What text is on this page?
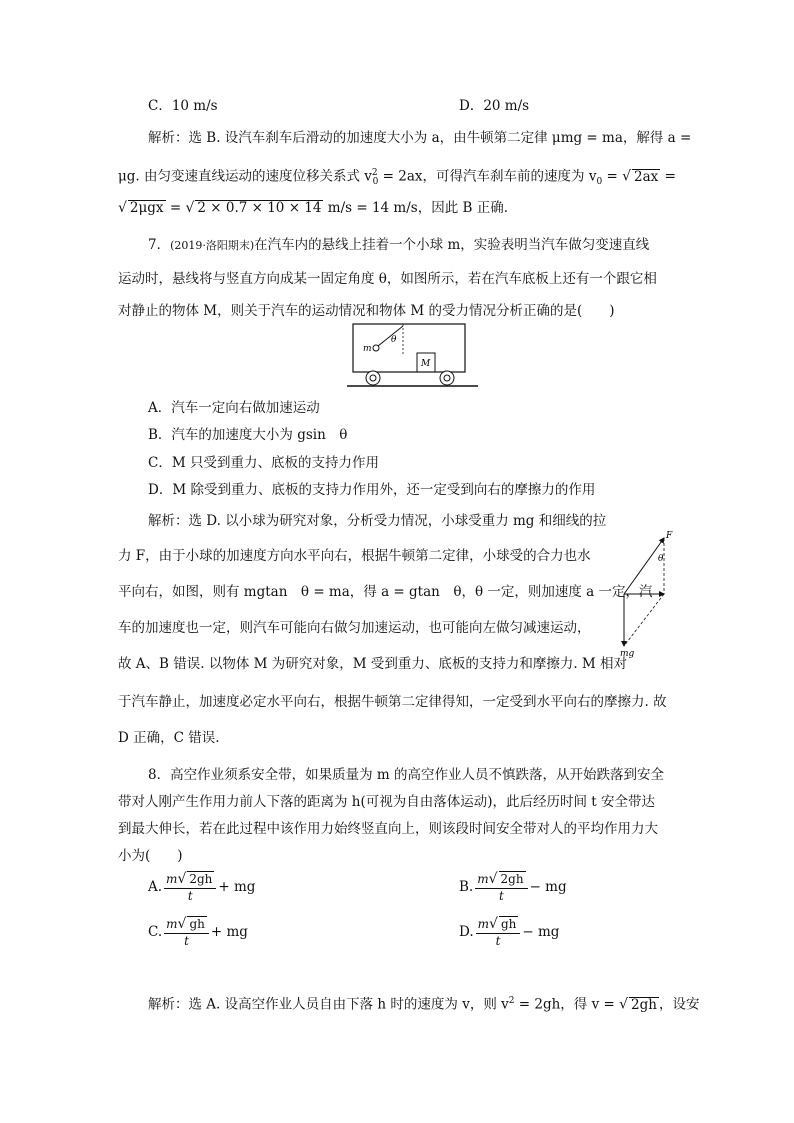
C．10 m/s	D．20 m/s
解析：选 B. 设汽车刹车后滑动的加速度大小为 a，由牛顿第二定律 μmg = ma，解得 a =
μg. 由匀变速直线运动的速度位移关系式 $v^2_0 = 2ax$，可得汽车刹车前的速度为 $v_0$ = √ 2ax =
√ 2μgx = √ 2 × 0.7 × 10 × 14 m/s = 14 m/s，因此 B 正确.
7．(2019·洛阳期末)在汽车内的悬线上挂着一个小球 m，实验表明当汽车做匀变速直线
运动时，悬线将与竖直方向成某一固定角度 θ，如图所示，若在汽车底板上还有一个跟它相
对静止的物体 M，则关于汽车的运动情况和物体 M 的受力情况分析正确的是(　　)
m
θ
M
A．汽车一定向右做加速运动
B．汽车的加速度大小为 gsin　θ
C．M 只受到重力、底板的支持力作用
D．M 除受到重力、底板的支持力作用外，还一定受到向右的摩擦力的作用
解析：选 D. 以小球为研究对象，分析受力情况，小球受重力 mg 和细线的拉
力 F，由于小球的加速度方向水平向右，根据牛顿第二定律，小球受的合力也水
平向右，如图，则有 mgtan　θ = ma，得 a = gtan　θ，θ 一定，则加速度 a 一定，汽
车的加速度也一定，则汽车可能向右做匀加速运动，也可能向左做匀减速运动，
故 A、B 错误. 以物体 M 为研究对象，M 受到重力、底板的支持力和摩擦力. M 相对
于汽车静止，加速度必定水平向右，根据牛顿第二定律得知，一定受到水平向右的摩擦力. 故
D 正确，C 错误.
F
θ
mg
8．高空作业须系安全带，如果质量为 m 的高空作业人员不慎跌落，从开始跌落到安全
带对人刚产生作用力前人下落的距离为 h(可视为自由落体运动)，此后经历时间 t 安全带达
到最大伸长，若在此过程中该作用力始终竖直向上，则该段时间安全带对人的平均作用力大
小为(　　)
A. $\frac{m√ 2gh}{t}$ + mg	B. $\frac{m√ 2gh}{t}$ − mg
C. $\frac{m√ gh}{t}$ + mg	D. $\frac{m√ gh}{t}$ − mg
解析：选 A. 设高空作业人员自由下落 h 时的速度为 v，则 $v^2 = 2gh$，得 v = √ 2gh ，设安
